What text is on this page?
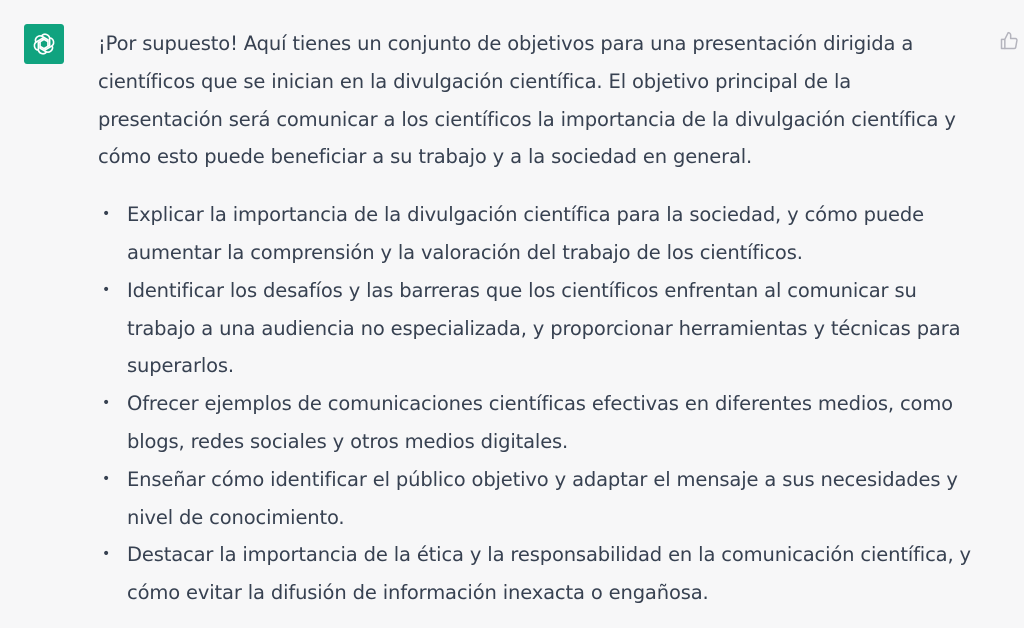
¡Por supuesto! Aquí tienes un conjunto de objetivos para una presentación dirigida a científicos que se inician en la divulgación científica. El objetivo principal de la presentación será comunicar a los científicos la importancia de la divulgación científica y cómo esto puede beneficiar a su trabajo y a la sociedad en general.

• Explicar la importancia de la divulgación científica para la sociedad, y cómo puede aumentar la comprensión y la valoración del trabajo de los científicos.
• Identificar los desafíos y las barreras que los científicos enfrentan al comunicar su trabajo a una audiencia no especializada, y proporcionar herramientas y técnicas para superarlos.
• Ofrecer ejemplos de comunicaciones científicas efectivas en diferentes medios, como blogs, redes sociales y otros medios digitales.
• Enseñar cómo identificar el público objetivo y adaptar el mensaje a sus necesidades y nivel de conocimiento.
• Destacar la importancia de la ética y la responsabilidad en la comunicación científica, y cómo evitar la difusión de información inexacta o engañosa.
